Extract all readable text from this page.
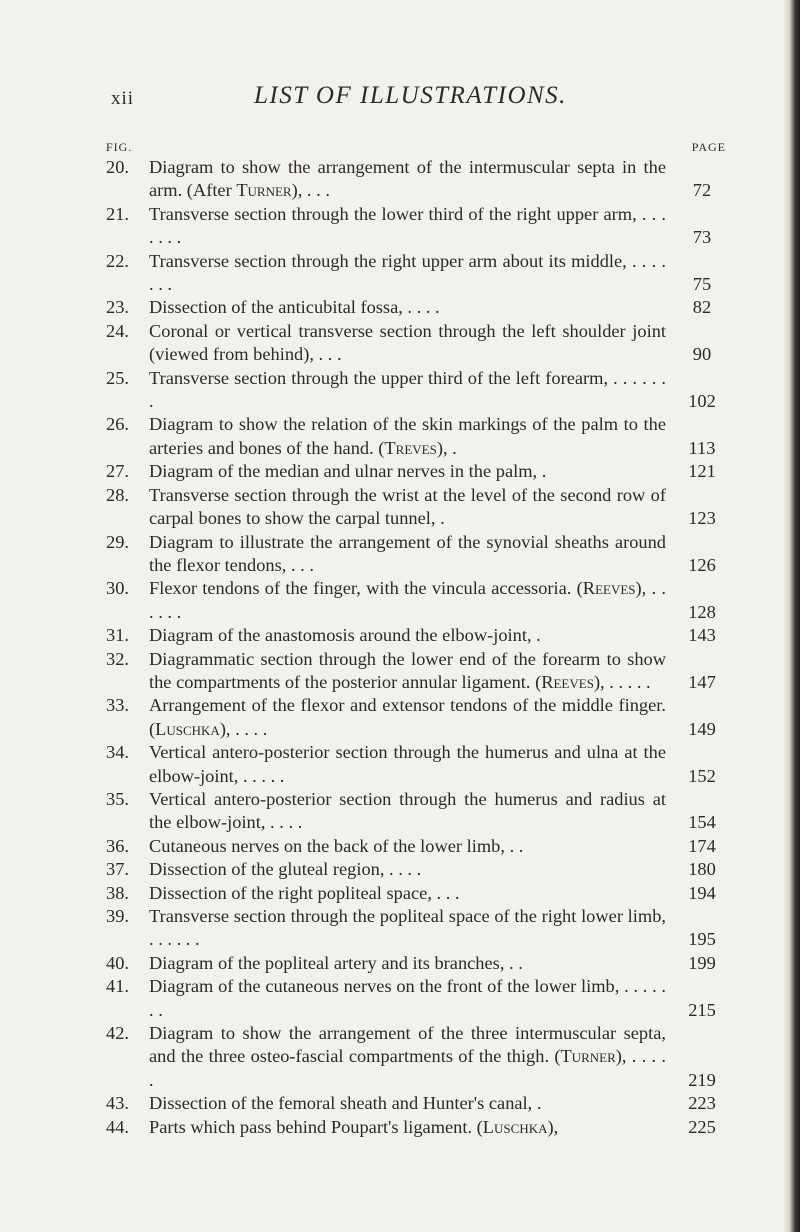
xii	LIST OF ILLUSTRATIONS.
FIG.	PAGE
20. Diagram to show the arrangement of the intermuscular septa in the arm. (After Turner), . . .	72
21. Transverse section through the lower third of the right upper arm, . . . . . . .	73
22. Transverse section through the right upper arm about its middle, . . . . . . .	75
23. Dissection of the anticubital fossa, . . . .	82
24. Coronal or vertical transverse section through the left shoulder joint (viewed from behind), . . .	90
25. Transverse section through the upper third of the left forearm, . . . . . . .	102
26. Diagram to show the relation of the skin markings of the palm to the arteries and bones of the hand. (Treves), .	113
27. Diagram of the median and ulnar nerves in the palm, .	121
28. Transverse section through the wrist at the level of the second row of carpal bones to show the carpal tunnel, .	123
29. Diagram to illustrate the arrangement of the synovial sheaths around the flexor tendons, . . .	126
30. Flexor tendons of the finger, with the vincula accessoria. (Reeves), . . . . . .	128
31. Diagram of the anastomosis around the elbow-joint, .	143
32. Diagrammatic section through the lower end of the forearm to show the compartments of the posterior annular ligament. (Reeves), . . . . .	147
33. Arrangement of the flexor and extensor tendons of the middle finger. (Luschka), . . . .	149
34. Vertical antero-posterior section through the humerus and ulna at the elbow-joint, . . . . .	152
35. Vertical antero-posterior section through the humerus and radius at the elbow-joint, . . . .	154
36. Cutaneous nerves on the back of the lower limb, . .	174
37. Dissection of the gluteal region, . . . .	180
38. Dissection of the right popliteal space, . . .	194
39. Transverse section through the popliteal space of the right lower limb, . . . . . .	195
40. Diagram of the popliteal artery and its branches, . .	199
41. Diagram of the cutaneous nerves on the front of the lower limb, . . . . . . .	215
42. Diagram to show the arrangement of the three intermuscular septa, and the three osteo-fascial compartments of the thigh. (Turner), . . . . .	219
43. Dissection of the femoral sheath and Hunter's canal, .	223
44. Parts which pass behind Poupart's ligament. (Luschka),	225
